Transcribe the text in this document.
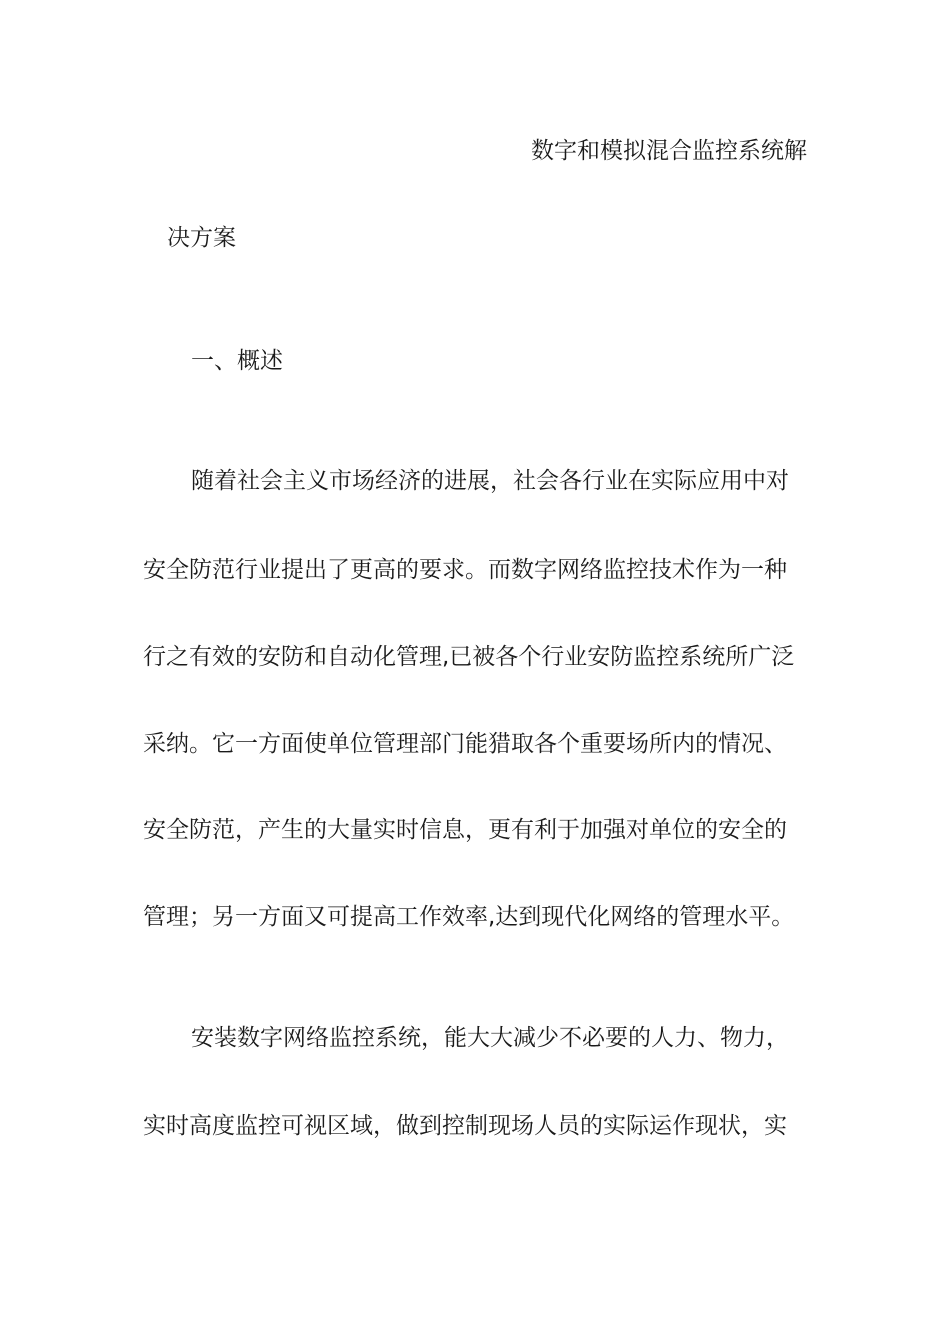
数字和模拟混合监控系统解
决方案
一、概述
随着社会主义市场经济的进展，社会各行业在实际应用中对
安全防范行业提出了更高的要求。而数字网络监控技术作为一种
行之有效的安防和自动化管理,已被各个行业安防监控系统所广泛
采纳。它一方面使单位管理部门能猎取各个重要场所内的情况、
安全防范，产生的大量实时信息，更有利于加强对单位的安全的
管理；另一方面又可提高工作效率,达到现代化网络的管理水平。
安装数字网络监控系统，能大大减少不必要的人力、物力，
实时高度监控可视区域，做到控制现场人员的实际运作现状，实
